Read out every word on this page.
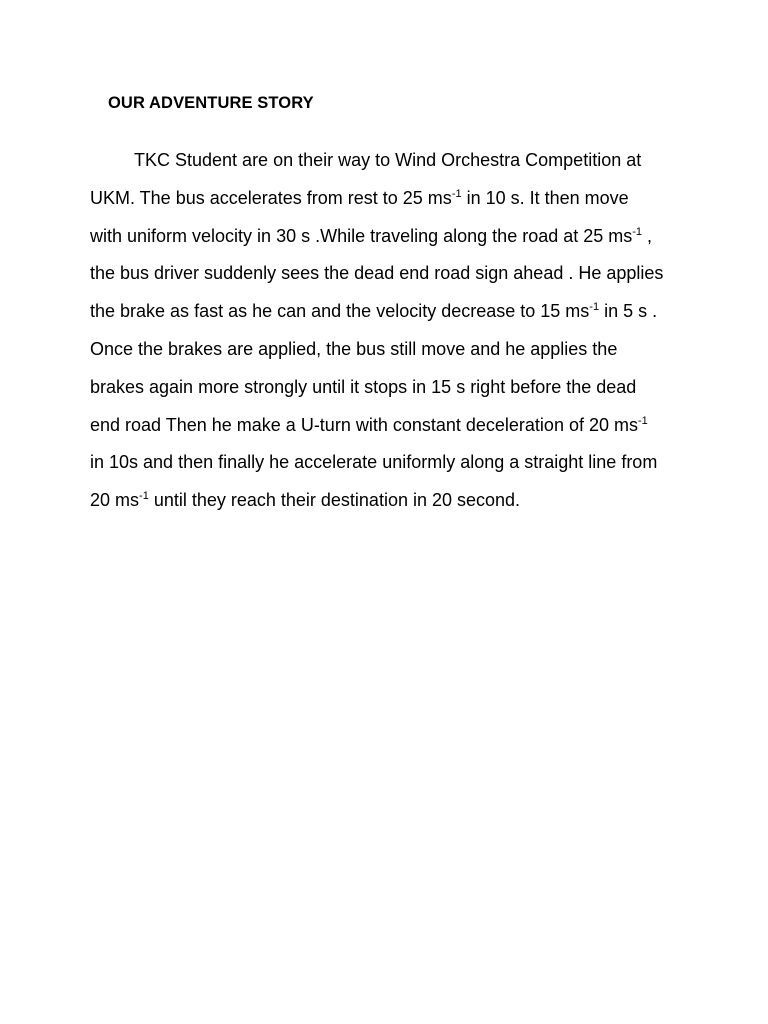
OUR ADVENTURE STORY
TKC Student are on their way to Wind Orchestra Competition at
UKM. The bus accelerates from rest to 25 $ms^{-1}$ in 10 s. It then move
with uniform velocity in 30 s .While traveling along the road at 25 $ms^{-1}$ ,
the bus driver suddenly sees the dead end road sign ahead . He applies
the brake as fast as he can and the velocity decrease to 15 $ms^{-1}$ in 5 s .
Once the brakes are applied, the bus still move and he applies the
brakes again more strongly until it stops in 15 s right before the dead
end road Then he make a U-turn with constant deceleration of 20 $ms^{-1}$
in 10s and then finally he accelerate uniformly along a straight line from
20 $ms^{-1}$ until they reach their destination in 20 second.
